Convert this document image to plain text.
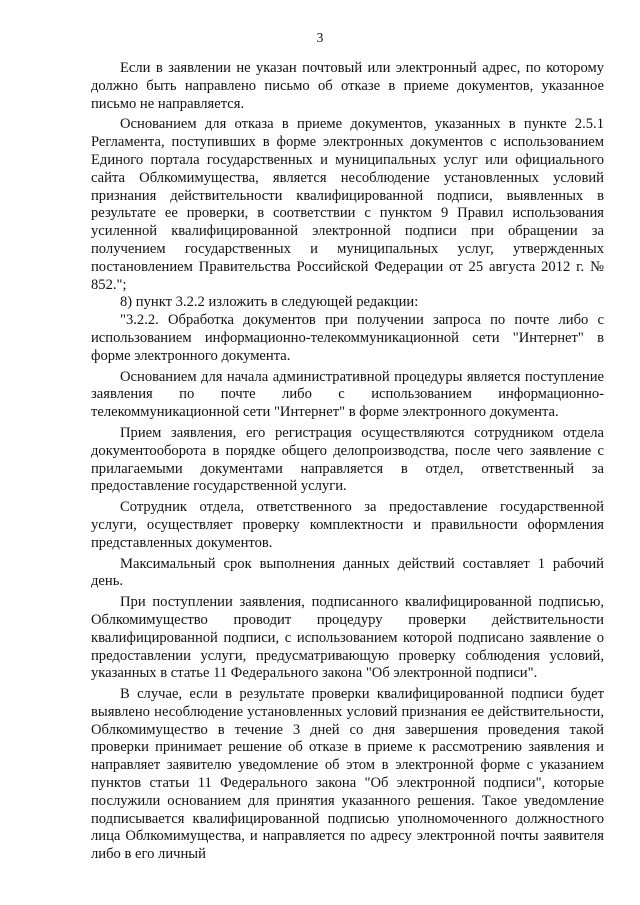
3

Если в заявлении не указан почтовый или электронный адрес, по которому должно быть направлено письмо об отказе в приеме документов, указанное письмо не направляется.

Основанием для отказа в приеме документов, указанных в пункте 2.5.1 Регламента, поступивших в форме электронных документов с использованием Единого портала государственных и муниципальных услуг или официального сайта Облкомимущества, является несоблюдение установленных условий признания действительности квалифицированной подписи, выявленных в результате ее проверки, в соответствии с пунктом 9 Правил использования усиленной квалифицированной электронной подписи при обращении за получением государственных и муниципальных услуг, утвержденных постановлением Правительства Российской Федерации от 25 августа 2012 г. № 852.";

8) пункт 3.2.2 изложить в следующей редакции:

"3.2.2. Обработка документов при получении запроса по почте либо с использованием информационно-телекоммуникационной сети "Интернет" в форме электронного документа.

Основанием для начала административной процедуры является поступление заявления по почте либо с использованием информационно-телекоммуникационной сети "Интернет" в форме электронного документа.

Прием заявления, его регистрация осуществляются сотрудником отдела документооборота в порядке общего делопроизводства, после чего заявление с прилагаемыми документами направляется в отдел, ответственный за предоставление государственной услуги.

Сотрудник отдела, ответственного за предоставление государственной услуги, осуществляет проверку комплектности и правильности оформления представленных документов.

Максимальный срок выполнения данных действий составляет 1 рабочий день.

При поступлении заявления, подписанного квалифицированной подписью, Облкомимущество проводит процедуру проверки действительности квалифицированной подписи, с использованием которой подписано заявление о предоставлении услуги, предусматривающую проверку соблюдения условий, указанных в статье 11 Федерального закона "Об электронной подписи".

В случае, если в результате проверки квалифицированной подписи будет выявлено несоблюдение установленных условий признания ее действительности, Облкомимущество в течение 3 дней со дня завершения проведения такой проверки принимает решение об отказе в приеме к рассмотрению заявления и направляет заявителю уведомление об этом в электронной форме с указанием пунктов статьи 11 Федерального закона "Об электронной подписи", которые послужили основанием для принятия указанного решения. Такое уведомление подписывается квалифицированной подписью уполномоченного должностного лица Облкомимущества, и направляется по адресу электронной почты заявителя либо в его личный
